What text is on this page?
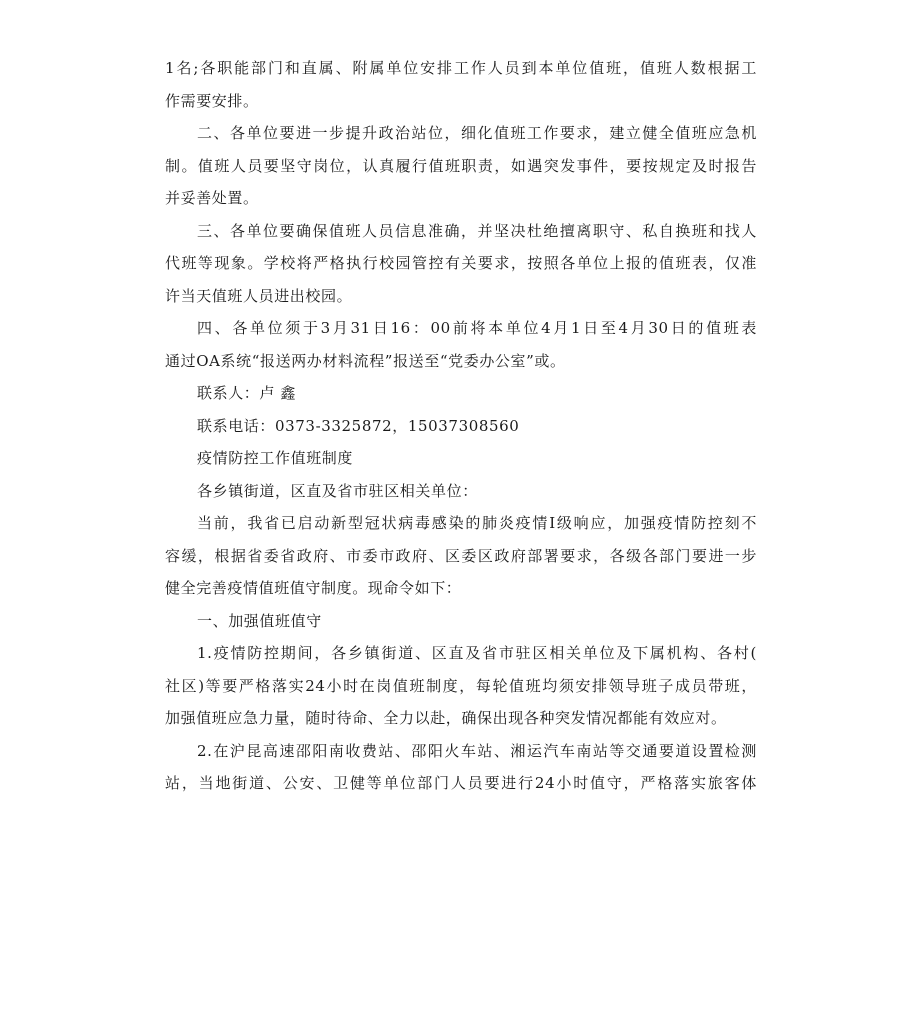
1名;各职能部门和直属、附属单位安排工作人员到本单位值班，值班人数根据工
作需要安排。

二、各单位要进一步提升政治站位，细化值班工作要求，建立健全值班应急机
制。值班人员要坚守岗位，认真履行值班职责，如遇突发事件，要按规定及时报告
并妥善处置。

三、各单位要确保值班人员信息准确，并坚决杜绝擅离职守、私自换班和找人
代班等现象。学校将严格执行校园管控有关要求，按照各单位上报的值班表，仅准
许当天值班人员进出校园。

四、各单位须于3月31日16：00前将本单位4月1日至4月30日的值班表
通过OA系统“报送两办材料流程”报送至“党委办公室”或。

联系人：卢 鑫

联系电话：0373-3325872，15037308560

疫情防控工作值班制度

各乡镇街道，区直及省市驻区相关单位：

当前，我省已启动新型冠状病毒感染的肺炎疫情Ⅰ级响应，加强疫情防控刻不
容缓，根据省委省政府、市委市政府、区委区政府部署要求，各级各部门要进一步
健全完善疫情值班值守制度。现命令如下：

一、加强值班值守

1.疫情防控期间，各乡镇街道、区直及省市驻区相关单位及下属机构、各村(
社区)等要严格落实24小时在岗值班制度，每轮值班均须安排领导班子成员带班，
加强值班应急力量，随时待命、全力以赴，确保出现各种突发情况都能有效应对。

2.在沪昆高速邵阳南收费站、邵阳火车站、湘运汽车南站等交通要道设置检测
站，当地街道、公安、卫健等单位部门人员要进行24小时值守，严格落实旅客体
